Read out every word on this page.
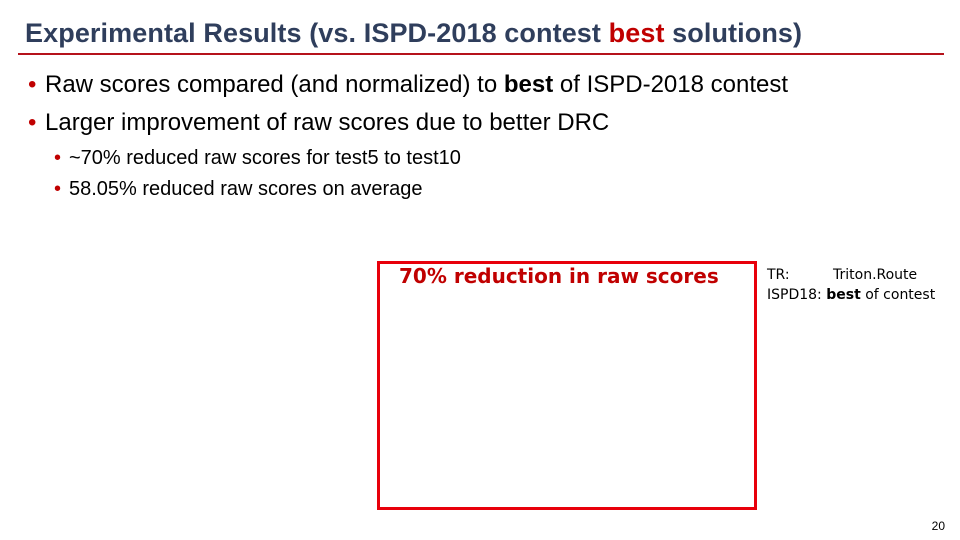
Experimental Results (vs. ISPD-2018 contest best solutions)
• Raw scores compared (and normalized) to best of ISPD-2018 contest
• Larger improvement of raw scores due to better DRC
• ~70% reduced raw scores for test5 to test10
• 58.05% reduced raw scores on average
70% reduction in raw scores	TR:	Triton.Route
ISPD18: best of contest
20
